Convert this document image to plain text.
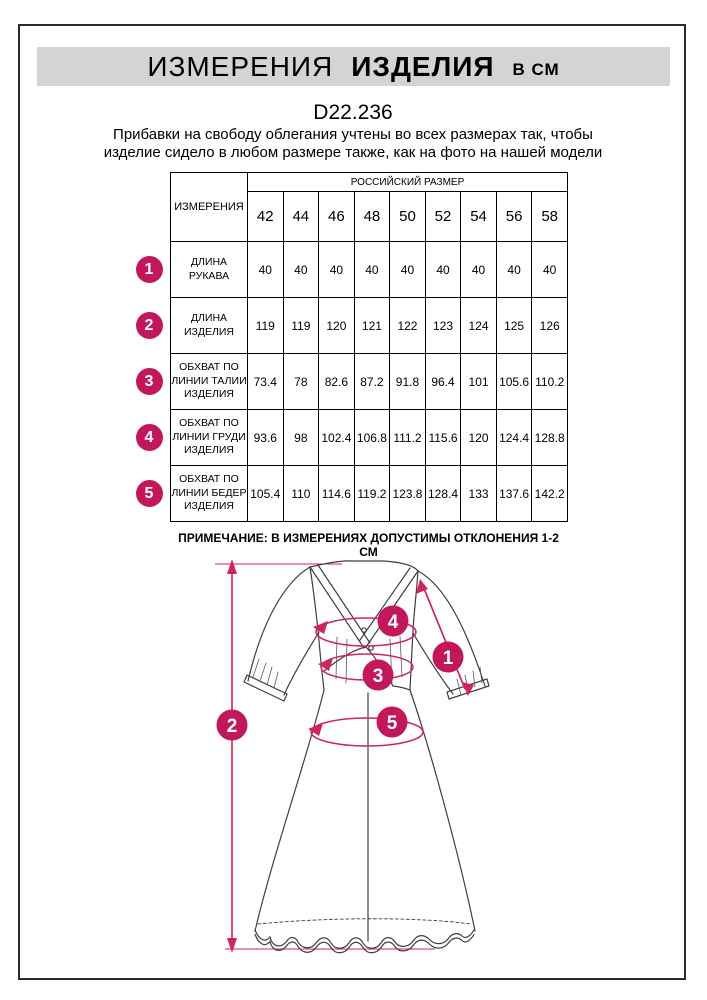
ИЗМЕРЕНИЯ ИЗДЕЛИЯ В СМ
D22.236
Прибавки на свободу облегания учтены во всех размерах так, чтобы
изделие сидело в любом размере также, как на фото на нашей модели
	ИЗМЕРЕНИЯ	РОССИЙСКИЙ РАЗМЕР								
		42	44	46	48	50	52	54	56	58

1	ДЛИНА РУКАВА	40	40	40	40	40	40	40	40	40

2	ДЛИНА ИЗДЕЛИЯ	119	119	120	121	122	123	124	125	126

3	ОБХВАТ ПО ЛИНИИ ТАЛИИ ИЗДЕЛИЯ	73.4	78	82.6	87.2	91.8	96.4	101	105.6	110.2

4	ОБХВАТ ПО ЛИНИИ ГРУДИ ИЗДЕЛИЯ	93.6	98	102.4	106.8	111.2	115.6	120	124.4	128.8

5	ОБХВАТ ПО ЛИНИИ БЕДЕР ИЗДЕЛИЯ	105.4	110	114.6	119.2	123.8	128.4	133	137.6	142.2
ПРИМЕЧАНИЕ: В ИЗМЕРЕНИЯХ ДОПУСТИМЫ ОТКЛОНЕНИЯ 1-2 СМ
1
2
3
4
5
